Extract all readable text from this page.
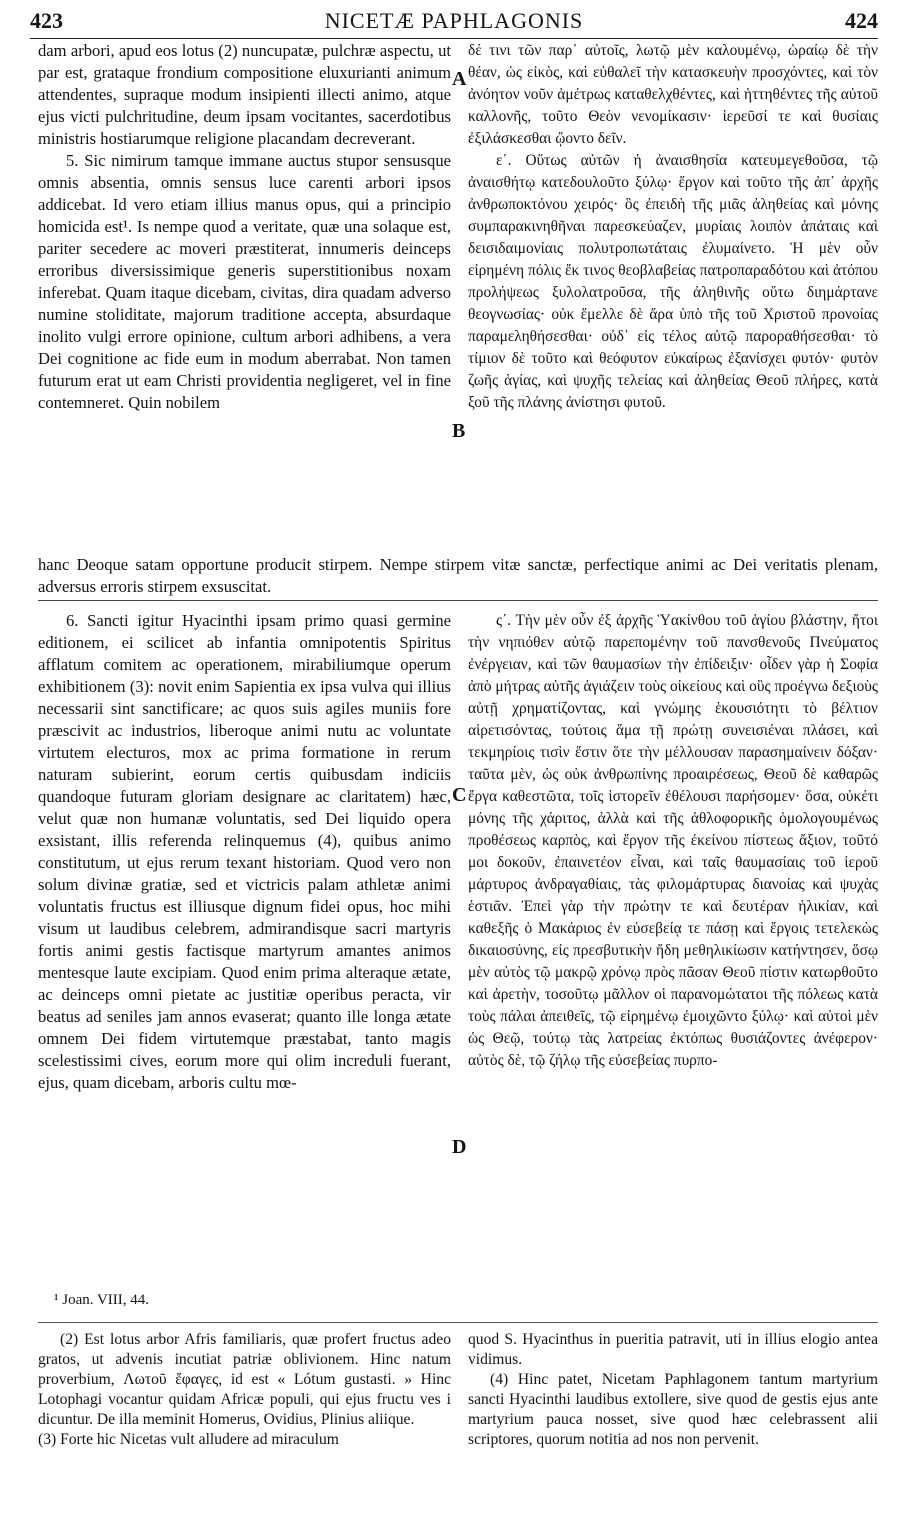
423	NICETÆ PAPHLAGONIS	424

dam arbori, apud eos lotus (2) nuncupatæ, pulchræ aspectu, ut par est, grataque frondium compositione eluxurianti animum attendentes, supraque modum insipienti illecti animo, atque ejus victi pulchritudine, deum ipsam vocitantes, sacerdotibus ministris hostiarumque religione placandam decreverant.

5. Sic nimirum tamque immane auctus stupor sensusque omnis absentia, omnis sensus luce carenti arbori ipsos addicebat. Id vero etiam illius manus opus, qui a principio homicida est¹. Is nempe quod a veritate, quæ una solaque est, pariter secedere ac moveri præstiterat, innumeris deinceps erroribus diversissimique generis superstitionibus noxam inferebat. Quam itaque dicebam, civitas, dira quadam adverso numine stoliditate, majorum traditione accepta, absurdaque inolito vulgi errore opinione, cultum arbori adhibens, a vera Dei cognitione ac fide eum in modum aberrabat. Non tamen futurum erat ut eam Christi providentia negligeret, vel in fine contemneret. Quin nobilem

δέ τινι τῶν παρ᾽ αὐτοῖς, λωτῷ μὲν καλουμένῳ, ὡραίῳ δὲ τὴν θέαν, ὡς εἰκὸς, καὶ εὐθαλεῖ τὴν κατασκευὴν προσχόντες, καὶ τὸν ἀνόητον νοῦν ἀμέτρως καταθελχθέντες, καὶ ἡττηθέντες τῆς αὐτοῦ καλλονῆς, τοῦτο Θεὸν νενομίκασιν· ἱερεῦσί τε καὶ θυσίαις ἐξιλάσκεσθαι ᾤοντο δεῖν.

ε΄. Οὕτως αὐτῶν ἡ ἀναισθησία κατευμεγεθοῦσα, τῷ ἀναισθήτῳ κατεδουλοῦτο ξύλῳ· ἔργον καὶ τοῦτο τῆς ἀπ᾽ ἀρχῆς ἀνθρωποκτόνου χειρός· ὃς ἐπειδὴ τῆς μιᾶς ἀληθείας καὶ μόνης συμπαρακινηθῆναι παρεσκεύαζεν, μυρίαις λοιπὸν ἀπάταις καὶ δεισιδαιμονίαις πολυτροπωτάταις ἐλυμαίνετο. Ἡ μὲν οὖν εἰρημένη πόλις ἔκ τινος θεοβλαβείας πατροπαραδότου καὶ ἀτόπου προλήψεως ξυλολατροῦσα, τῆς ἀληθινῆς οὕτω διημάρτανε θεογνωσίας· οὐκ ἔμελλε δὲ ἄρα ὑπὸ τῆς τοῦ Χριστοῦ προνοίας παραμεληθήσεσθαι· οὐδ᾽ εἰς τέλος αὐτῷ παροραθήσεσθαι· τὸ τίμιον δὲ τοῦτο καὶ θεόφυτον εὐκαίρως ἐξανίσχει φυτόν· φυτὸν ζωῆς ἁγίας, καὶ ψυχῆς τελείας καὶ ἀληθείας Θεοῦ πλήρες, κατὰ ξοῦ τῆς πλάνης ἀνίστησι φυτοῦ.

A
B
C
D
hanc Deoque satam opportune producit stirpem. Nempe stirpem vitæ sanctæ, perfectique animi ac Dei veritatis plenam, adversus erroris stirpem exsuscitat.

6. Sancti igitur Hyacinthi ipsam primo quasi germine editionem, ei scilicet ab infantia omnipotentis Spiritus afflatum comitem ac operationem, mirabiliumque operum exhibitionem (3): novit enim Sapientia ex ipsa vulva qui illius necessarii sint sanctificare; ac quos suis agiles muniis fore præscivit ac industrios, liberoque animi nutu ac voluntate virtutem electuros, mox ac prima formatione in rerum naturam subierint, eorum certis quibusdam indiciis quandoque futuram gloriam designare ac claritatem) hæc, velut quæ non humanæ voluntatis, sed Dei liquido opera exsistant, illis referenda relinquemus (4), quibus animo constitutum, ut ejus rerum texant historiam. Quod vero non solum divinæ gratiæ, sed et victricis palam athletæ animi voluntatis fructus est illiusque dignum fidei opus, hoc mihi visum ut laudibus celebrem, admirandisque sacri martyris fortis animi gestis factisque martyrum amantes animos mentesque laute excipiam. Quod enim prima alteraque ætate, ac deinceps omni pietate ac justitiæ operibus peracta, vir beatus ad seniles jam annos evaserat; quanto ille longa ætate omnem Dei fidem virtutemque præstabat, tanto magis scelestissimi cives, eorum more qui olim increduli fuerant, ejus, quam dicebam, arboris cultu mœ-

ς΄. Τὴν μὲν οὖν ἐξ ἀρχῆς Ὑακίνθου τοῦ ἁγίου βλάστην, ἤτοι τὴν νηπιόθεν αὐτῷ παρεπομένην τοῦ πανσθενοῦς Πνεύματος ἐνέργειαν, καὶ τῶν θαυμασίων τὴν ἐπίδειξιν· οἶδεν γὰρ ἡ Σοφία ἀπὸ μήτρας αὐτῆς ἁγιάζειν τοὺς οἰκείους καὶ οὓς προέγνω δεξιοὺς αὐτῇ χρηματίζοντας, καὶ γνώμης ἑκουσιότητι τὸ βέλτιον αἱρετισόντας, τούτοις ἅμα τῇ πρώτῃ συνεισιέναι πλάσει, καὶ τεκμηρίοις τισὶν ἔστιν ὅτε τὴν μέλλουσαν παρασημαίνειν δόξαν· ταῦτα μὲν, ὡς οὐκ ἀνθρωπίνης προαιρέσεως, Θεοῦ δὲ καθαρῶς ἔργα καθεστῶτα, τοῖς ἱστορεῖν ἐθέλουσι παρήσομεν· ὅσα, οὐκέτι μόνης τῆς χάριτος, ἀλλὰ καὶ τῆς ἀθλοφορικῆς ὁμολογουμένως προθέσεως καρπὸς, καὶ ἔργον τῆς ἐκείνου πίστεως ἄξιον, τοῦτό μοι δοκοῦν, ἐπαινετέον εἶναι, καὶ ταῖς θαυμασίαις τοῦ ἱεροῦ μάρτυρος ἀνδραγαθίαις, τὰς φιλομάρτυρας διανοίας καὶ ψυχὰς ἑστιᾶν. Ἐπεὶ γὰρ τὴν πρώτην τε καὶ δευτέραν ἡλικίαν, καὶ καθεξῆς ὁ Μακάριος ἐν εὐσεβείᾳ τε πάσῃ καὶ ἔργοις τετελεκὼς δικαιοσύνης, εἰς πρεσβυτικὴν ἤδη μεθηλικίωσιν κατήντησεν, ὅσῳ μὲν αὐτὸς τῷ μακρῷ χρόνῳ πρὸς πᾶσαν Θεοῦ πίστιν κατωρθοῦτο καὶ ἀρετὴν, τοσοῦτῳ μᾶλλον οἱ παρανομώτατοι τῆς πόλεως κατὰ τοὺς πάλαι ἀπειθεῖς, τῷ εἰρημένῳ ἐμοιχῶντο ξύλῳ· καὶ αὐτοὶ μὲν ὡς Θεῷ, τούτῳ τὰς λατρείας ἐκτόπως θυσιάζοντες ἀνέφερον· αὐτὸς δὲ, τῷ ζήλῳ τῆς εὐσεβείας πυρπο-

¹ Joan. VIII, 44.

(2) Est lotus arbor Afris familiaris, quæ profert fructus adeo gratos, ut advenis incutiat patriæ oblivionem. Hinc natum proverbium, Λωτοῦ ἔφαγες, id est « Lótum gustasti. » Hinc Lotophagi vocantur quidam Africæ populi, qui ejus fructu ves i dicuntur. De illa meminit Homerus, Ovidius, Plinius aliique.

(3) Forte hic Nicetas vult alludere ad miraculum

quod S. Hyacinthus in pueritia patravit, uti in illius elogio antea vidimus.

(4) Hinc patet, Nicetam Paphlagonem tantum martyrium sancti Hyacinthi laudibus extollere, sive quod de gestis ejus ante martyrium pauca nosset, sive quod hæc celebrassent alii scriptores, quorum notitia ad nos non pervenit.
